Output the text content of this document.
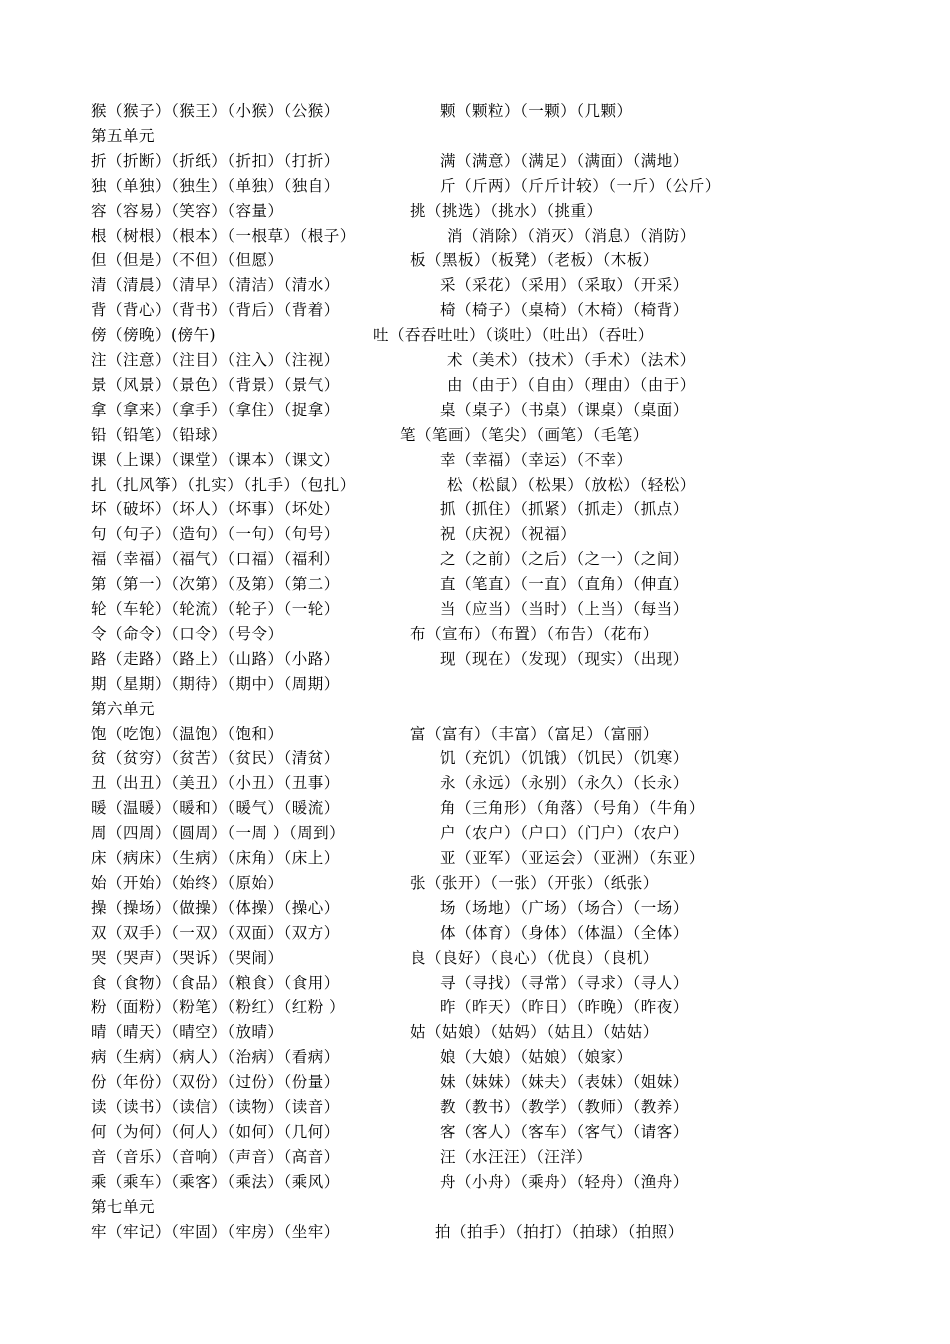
猴（猴子）（猴王）（小猴）（公猴）	颗（颗粒）（一颗）（几颗）
第五单元
折（折断）（折纸）（折扣）（打折）	满（满意）（满足）（满面）（满地）
独（单独）（独生）（单独）（独自）	斤（斤两）（斤斤计较）（一斤）（公斤）
容（容易）（笑容）（容量）	挑（挑选）（挑水）（挑重）
根（树根）（根本）（一根草）（根子）	消（消除）（消灭）（消息）（消防）
但（但是）（不但）（但愿）	板（黑板）（板凳）（老板）（木板）
清（清晨）（清早）（清洁）（清水）	采（采花）（采用）（采取）（开采）
背（背心）（背书）（背后）（背着）	椅（椅子）（桌椅）（木椅）（椅背）
傍（傍晚）(傍午)	吐（吞吞吐吐）（谈吐）（吐出）（吞吐）
注（注意）（注目）（注入）（注视）	术（美术）（技术）（手术）（法术）
景（风景）（景色）（背景）（景气）	由（由于）（自由）（理由）（由于）
拿（拿来）（拿手）（拿住）（捉拿）	桌（桌子）（书桌）（课桌）（桌面）
铅（铅笔）（铅球）	笔（笔画）（笔尖）（画笔）（毛笔）
课（上课）（课堂）（课本）（课文）	幸（幸福）（幸运）（不幸）
扎（扎风筝）（扎实）（扎手）（包扎）	松（松鼠）（松果）（放松）（轻松）
坏（破坏）（坏人）（坏事）（坏处）	抓（抓住）（抓紧）（抓走）（抓点）
句（句子）（造句）（一句）（句号）	祝（庆祝）（祝福）
福（幸福）（福气）（口福）（福利）	之（之前）（之后）（之一）（之间）
第（第一）（次第）（及第）（第二）	直（笔直）（一直）（直角）（伸直）
轮（车轮）（轮流）（轮子）（一轮）	当（应当）（当时）（上当）（每当）
令（命令）（口令）（号令）	布（宣布）（布置）（布告）（花布）
路（走路）（路上）（山路）（小路）	现（现在）（发现）（现实）（出现）
期（星期）（期待）（期中）（周期）
第六单元
饱（吃饱）（温饱）（饱和）	富（富有）（丰富）（富足）（富丽）
贫（贫穷）（贫苦）（贫民）（清贫）	饥（充饥）（饥饿）（饥民）（饥寒）
丑（出丑）（美丑）（小丑）（丑事）	永（永远）（永别）（永久）（长永）
暖（温暖）（暖和）（暖气）（暖流）	角（三角形）（角落）（号角）（牛角）
周（四周）（圆周）（一周 ）（周到）	户（农户）（户口）（门户）（农户）
床（病床）（生病）（床角）（床上）	亚（亚军）（亚运会）（亚洲）（东亚）
始（开始）（始终）（原始）	张（张开）（一张）（开张）（纸张）
操（操场）（做操）（体操）（操心）	场（场地）（广场）（场合）（一场）
双（双手）（一双）（双面）（双方）	体（体育）（身体）（体温）（全体）
哭（哭声）（哭诉）（哭闹）	良（良好）（良心）（优良）（良机）
食（食物）（食品）（粮食）（食用）	寻（寻找）（寻常）（寻求）（寻人）
粉（面粉）（粉笔）（粉红）（红粉 ）	昨（昨天）（昨日）（昨晚）（昨夜）
晴（晴天）（晴空）（放晴）	姑（姑娘）（姑妈）（姑且）（姑姑）
病（生病）（病人）（治病）（看病）	娘（大娘）（姑娘）（娘家）
份（年份）（双份）（过份）（份量）	妹（妹妹）（妹夫）（表妹）（姐妹）
读（读书）（读信）（读物）（读音）	教（教书）（教学）（教师）（教养）
何（为何）（何人）（如何）（几何）	客（客人）（客车）（客气）（请客）
音（音乐）（音响）（声音）（高音）	汪（水汪汪）（汪洋）
乘（乘车）（乘客）（乘法）（乘风）	舟（小舟）（乘舟）（轻舟）（渔舟）
第七单元
牢（牢记）（牢固）（牢房）（坐牢）	拍（拍手）（拍打）（拍球）（拍照）
